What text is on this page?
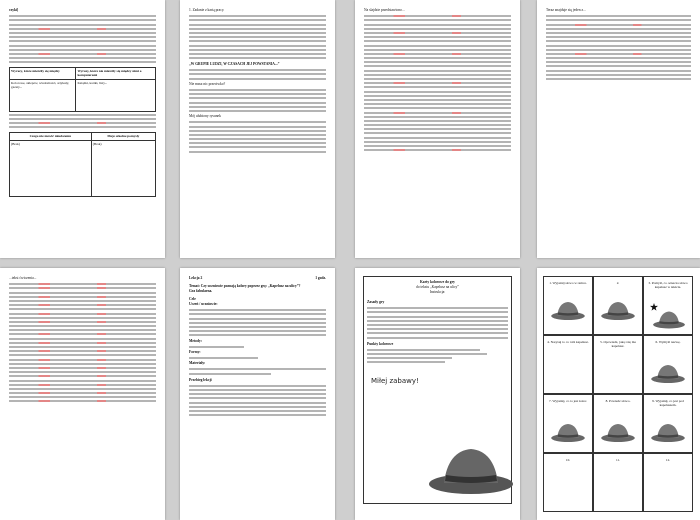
czyki]

Wyrazy, które mieściły się między	Wyrazy, które nie mieściły się między nimi a komputerami
Kolorowe, sklepów, wiadomości, artykuły, gazety...	Książki, kartki, listy...
Czego nie mówić młodszemu	Moje szkolne pomysły
(Brak)	(Brak)

1. Zadanie z kartą pracy.

„W GRUPIE LUDZI, W CZASACH JEJ POWSTANIA...”

Nie masz nic przeciwko?

Mój ulubiony rysunek

Na slajdzie przedstawiono...	Teraz znajduje się jeden z...

...tekst ćwiczenia...	Lekcja 2	1 godz.

Temat: Czy uczniowie poznają kolory poprzez grę: „Kapelusz na ulicy”?

Gra fabularna.

Cele

Uczeń / uczniowie:

Metody:

Formy:

Materiały:

Przebieg lekcji

Karty kolorowe do gry

do tekstu „Kapelusz na ulicy”

Instrukcja:

Zasady gry

Punkty kolorowe

Miłej zabawy!

1. Wyjaśnij słowo w ramce.	2.	3. Pomyśl, co oznacza słowo kapelusz w tekście.
4. Narysuj to co robi kapelusz.	5. Opowiedz, jaką rolę ma kapelusz.
6. Wymyśl nazwę.
7. Wyjaśnij, co to jest kolor.	8. Powiedz słowo.	9. Wyjaśnij, co jest pod kapeluszem.
10.	11.	12.
